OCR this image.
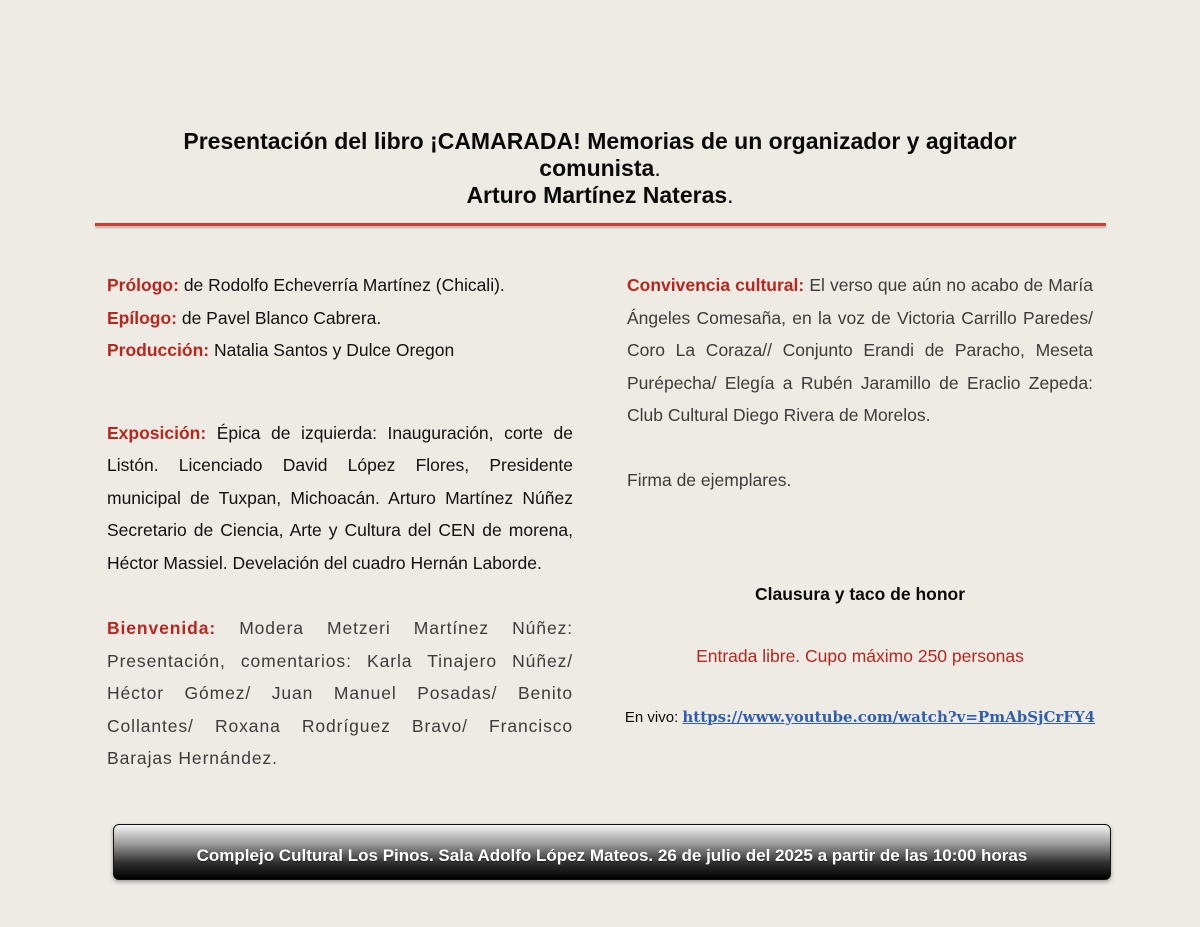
Presentación del libro ¡CAMARADA! Memorias de un organizador y agitador
comunista.
Arturo Martínez Nateras.
Prólogo: de Rodolfo Echeverría Martínez (Chicali).
Epílogo: de Pavel Blanco Cabrera.
Producción: Natalia Santos y Dulce Oregon
Exposición: Épica de izquierda: Inauguración, corte de Listón. Licenciado David López Flores, Presidente municipal de Tuxpan, Michoacán. Arturo Martínez Núñez Secretario de Ciencia, Arte y Cultura del CEN de morena, Héctor Massiel. Develación del cuadro Hernán Laborde.
Bienvenida: Modera Metzeri Martínez Núñez: Presentación, comentarios: Karla Tinajero Núñez/ Héctor Gómez/ Juan Manuel Posadas/ Benito Collantes/ Roxana Rodríguez Bravo/ Francisco Barajas Hernández.
Convivencia cultural: El verso que aún no acabo de María Ángeles Comesaña, en la voz de Victoria Carrillo Paredes/ Coro La Coraza// Conjunto Erandi de Paracho, Meseta Purépecha/ Elegía a Rubén Jaramillo de Eraclio Zepeda: Club Cultural Diego Rivera de Morelos.
Firma de ejemplares.
Clausura y taco de honor
Entrada libre. Cupo máximo 250 personas
En vivo: https://www.youtube.com/watch?v=PmAbSjCrFY4
Complejo Cultural Los Pinos. Sala Adolfo López Mateos. 26 de julio del 2025 a partir de las 10:00 horas
